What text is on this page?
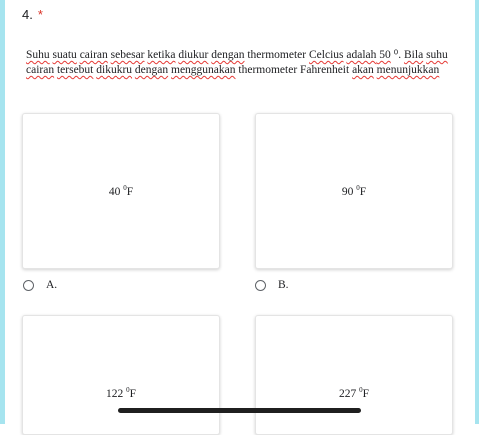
4. *
Suhu suatu cairan sebesar ketika diukur dengan thermometer Celcius adalah 50 ⁰. Bila suhu cairan tersebut dikukru dengan menggunakan thermometer Fahrenheit akan menunjukkan
40 $^0$F	90 $^0$F
A.	B.
122 $^0$F	227 $^0$F
